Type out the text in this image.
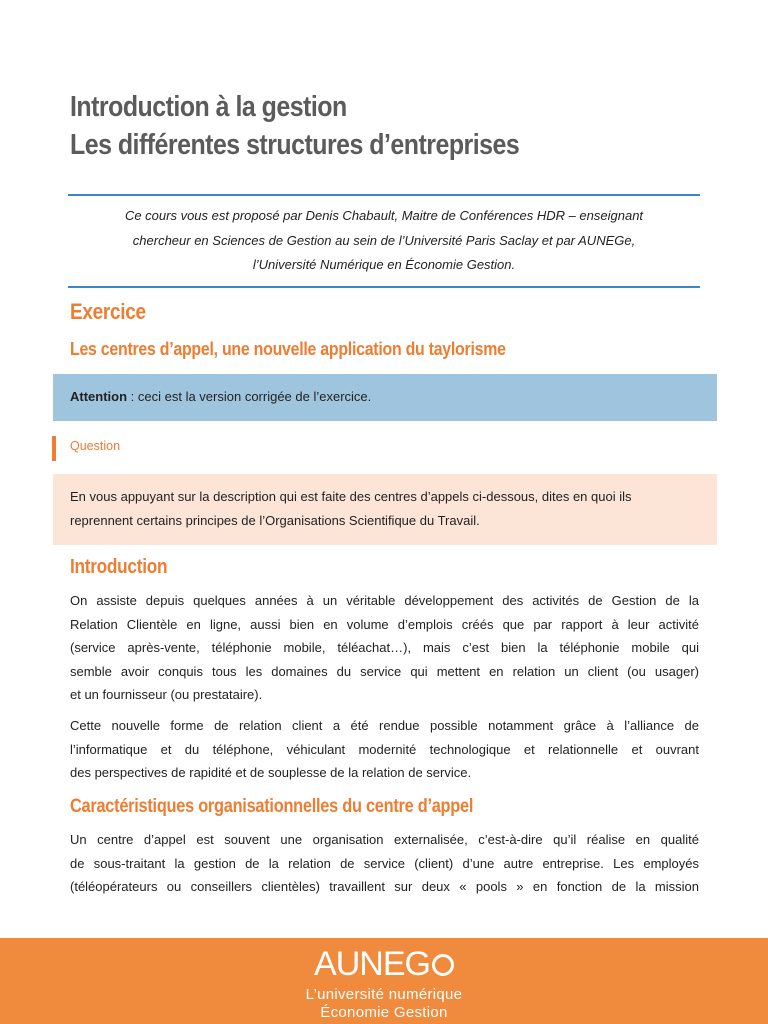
Introduction à la gestion
Les différentes structures d’entreprises
Ce cours vous est proposé par Denis Chabault, Maitre de Conférences HDR – enseignant
chercheur en Sciences de Gestion au sein de l’Université Paris Saclay et par AUNEGe,
l’Université Numérique en Économie Gestion.
Exercice
Les centres d’appel, une nouvelle application du taylorisme
Attention : ceci est la version corrigée de l’exercice.
Question
En vous appuyant sur la description qui est faite des centres d’appels ci-dessous, dites en quoi ils
reprennent certains principes de l’Organisations Scientifique du Travail.
Introduction
On assiste depuis quelques années à un véritable développement des activités de Gestion de la
Relation Clientèle en ligne, aussi bien en volume d’emplois créés que par rapport à leur activité
(service après-vente, téléphonie mobile, téléachat…), mais c’est bien la téléphonie mobile qui
semble avoir conquis tous les domaines du service qui mettent en relation un client (ou usager)
et un fournisseur (ou prestataire).
Cette nouvelle forme de relation client a été rendue possible notamment grâce à l’alliance de
l’informatique et du téléphone, véhiculant modernité technologique et relationnelle et ouvrant
des perspectives de rapidité et de souplesse de la relation de service.
Caractéristiques organisationnelles du centre d’appel
Un centre d’appel est souvent une organisation externalisée, c’est-à-dire qu’il réalise en qualité
de sous-traitant la gestion de la relation de service (client) d’une autre entreprise. Les employés
(téléopérateurs ou conseillers clientèles) travaillent sur deux « pools » en fonction de la mission
AUNEG
L’université numérique
Économie Gestion
